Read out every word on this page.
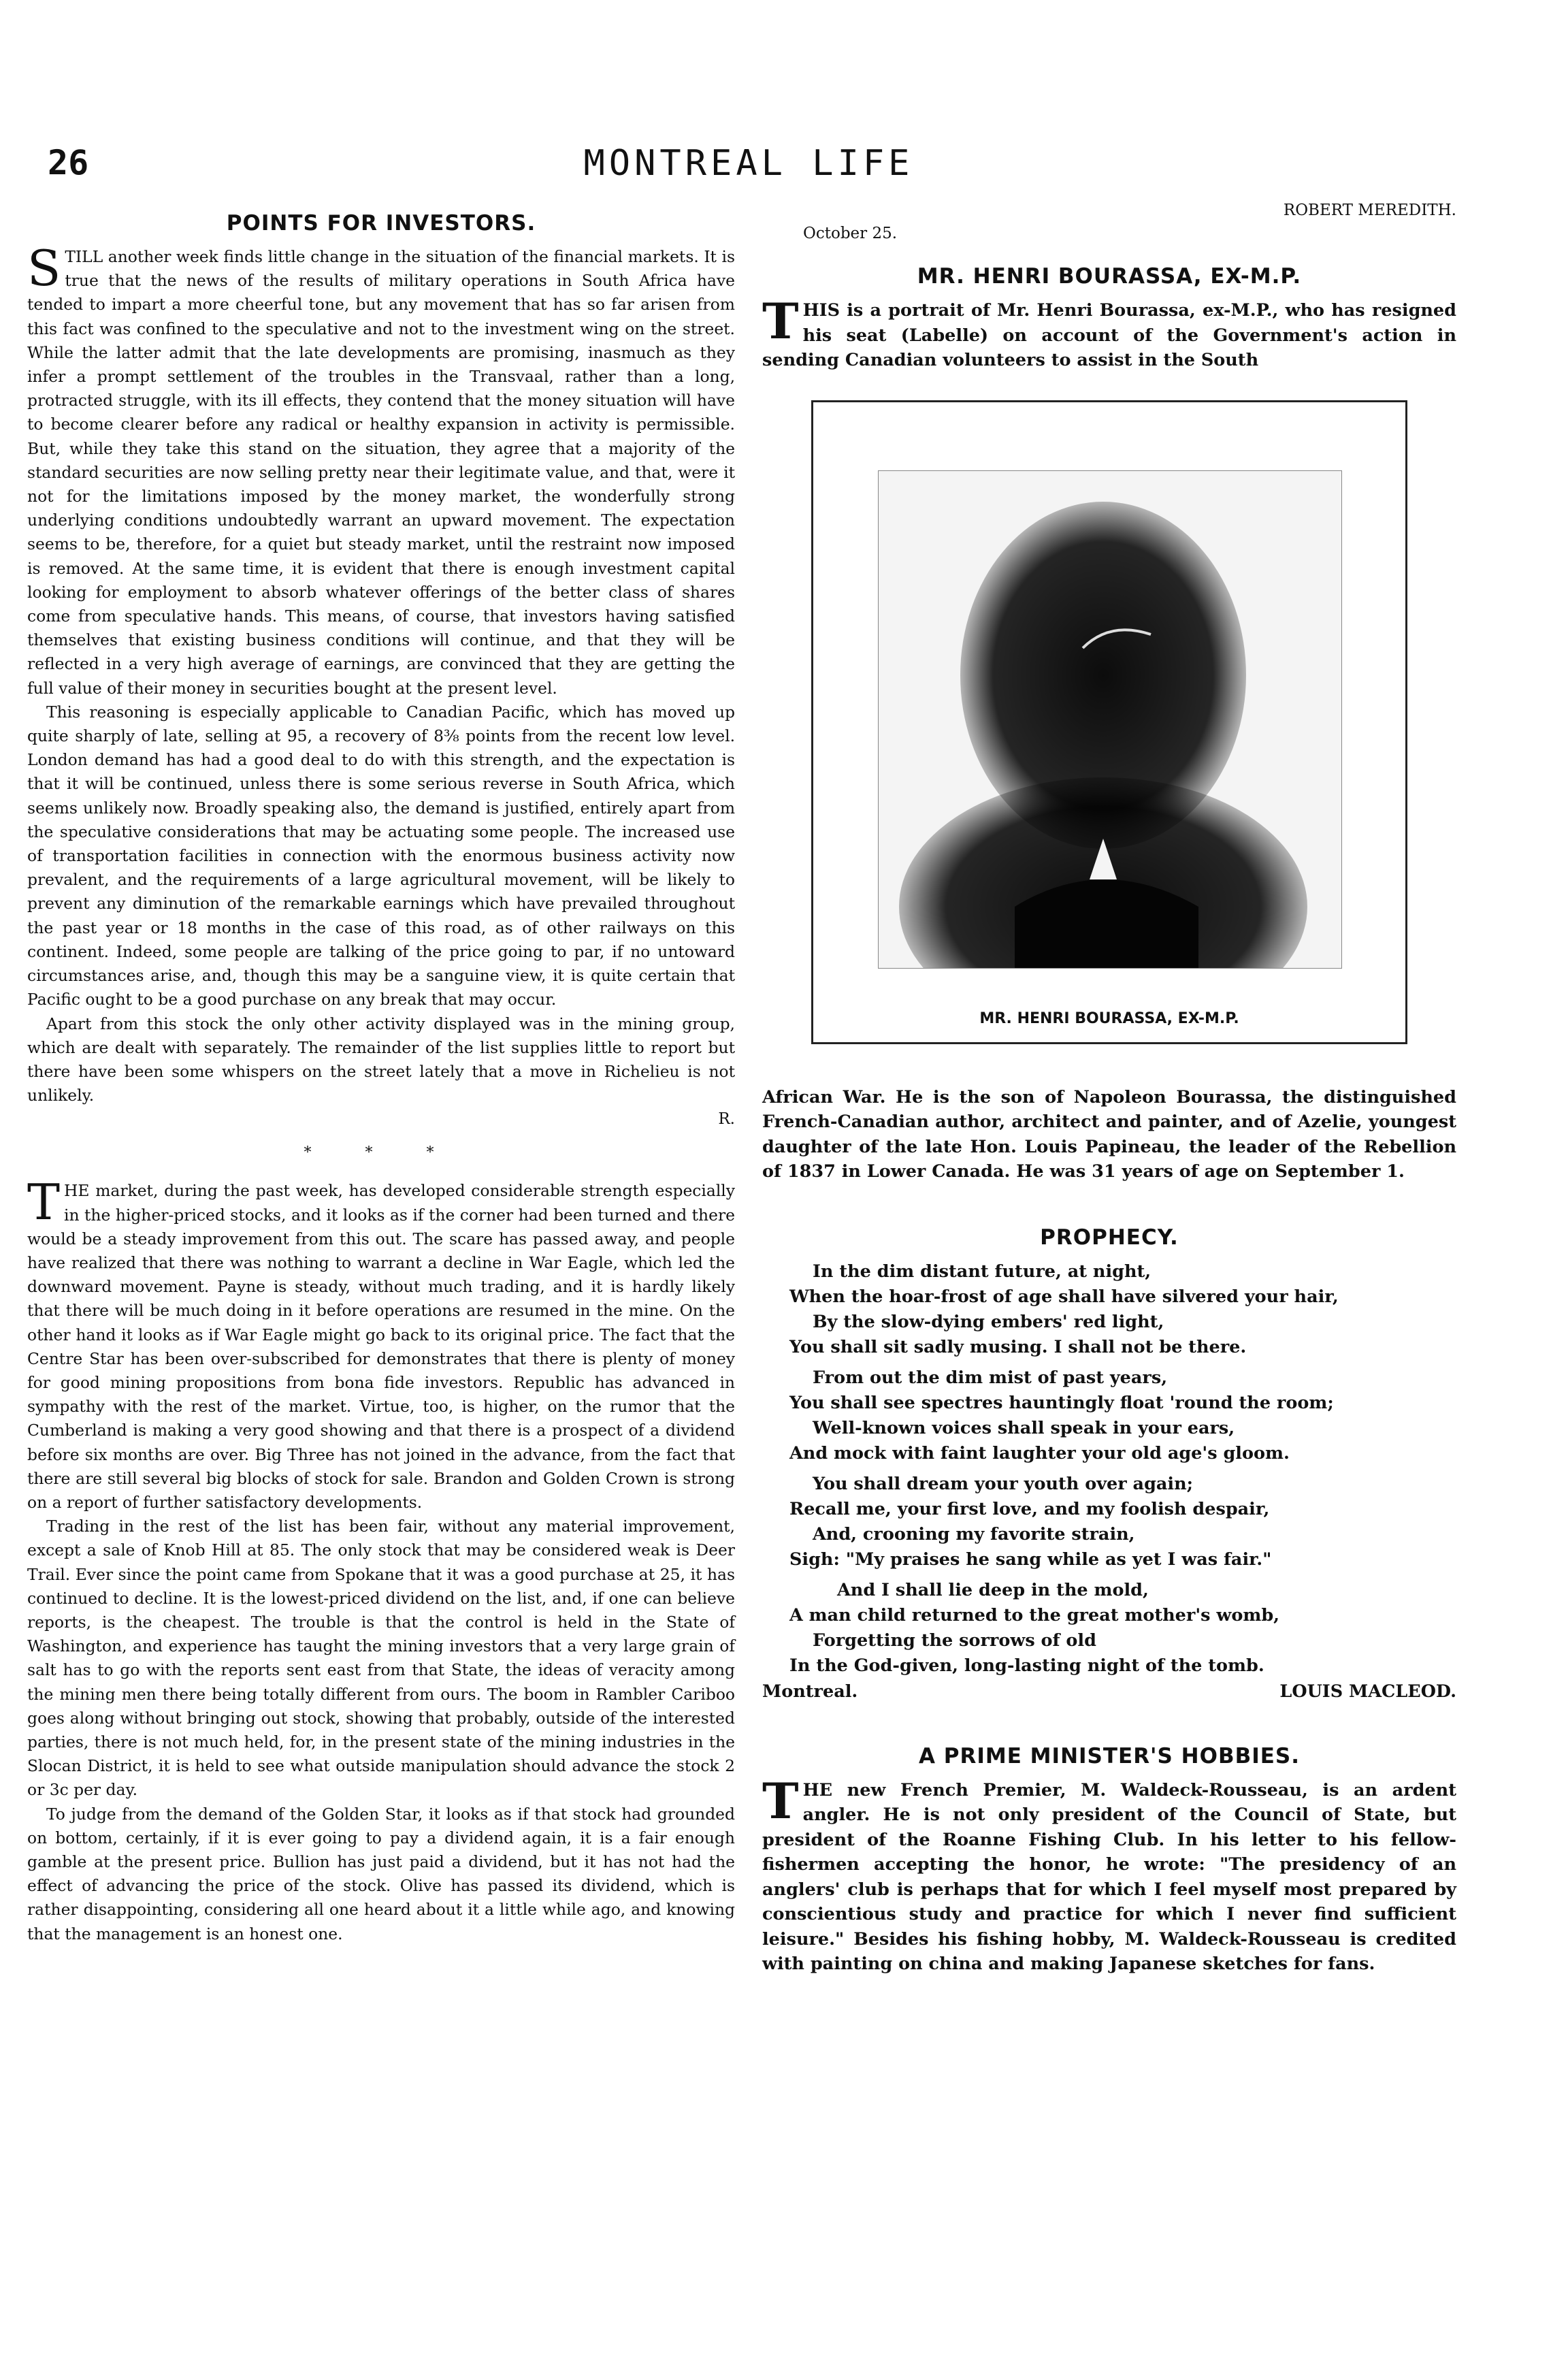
26	MONTREAL LIFE
POINTS FOR INVESTORS.

STILL another week finds little change in the situation of the financial markets. It is true that the news of the results of military operations in South Africa have tended to impart a more cheerful tone, but any movement that has so far arisen from this fact was confined to the speculative and not to the investment wing on the street. While the latter admit that the late developments are promising, inasmuch as they infer a prompt settlement of the troubles in the Transvaal, rather than a long, protracted struggle, with its ill effects, they contend that the money situation will have to become clearer before any radical or healthy expansion in activity is permissible. But, while they take this stand on the situation, they agree that a majority of the standard securities are now selling pretty near their legitimate value, and that, were it not for the limitations imposed by the money market, the wonderfully strong underlying conditions undoubtedly warrant an upward movement. The expectation seems to be, therefore, for a quiet but steady market, until the restraint now imposed is removed. At the same time, it is evident that there is enough investment capital looking for employment to absorb whatever offerings of the better class of shares come from speculative hands. This means, of course, that investors having satisfied themselves that existing business conditions will continue, and that they will be reflected in a very high average of earnings, are convinced that they are getting the full value of their money in securities bought at the present level.

This reasoning is especially applicable to Canadian Pacific, which has moved up quite sharply of late, selling at 95, a recovery of 8⅜ points from the recent low level. London demand has had a good deal to do with this strength, and the expectation is that it will be continued, unless there is some serious reverse in South Africa, which seems unlikely now. Broadly speaking also, the demand is justified, entirely apart from the speculative considerations that may be actuating some people. The increased use of transportation facilities in connection with the enormous business activity now prevalent, and the requirements of a large agricultural movement, will be likely to prevent any diminution of the remarkable earnings which have prevailed throughout the past year or 18 months in the case of this road, as of other railways on this continent. Indeed, some people are talking of the price going to par, if no untoward circumstances arise, and, though this may be a sanguine view, it is quite certain that Pacific ought to be a good purchase on any break that may occur.

Apart from this stock the only other activity displayed was in the mining group, which are dealt with separately. The remainder of the list supplies little to report but there have been some whispers on the street lately that a move in Richelieu is not unlikely.

R.
* * *

THE market, during the past week, has developed considerable strength especially in the higher-priced stocks, and it looks as if the corner had been turned and there would be a steady improvement from this out. The scare has passed away, and people have realized that there was nothing to warrant a decline in War Eagle, which led the downward movement. Payne is steady, without much trading, and it is hardly likely that there will be much doing in it before operations are resumed in the mine. On the other hand it looks as if War Eagle might go back to its original price. The fact that the Centre Star has been over-subscribed for demonstrates that there is plenty of money for good mining propositions from bona fide investors. Republic has advanced in sympathy with the rest of the market. Virtue, too, is higher, on the rumor that the Cumberland is making a very good showing and that there is a prospect of a dividend before six months are over. Big Three has not joined in the advance, from the fact that there are still several big blocks of stock for sale. Brandon and Golden Crown is strong on a report of further satisfactory developments.

Trading in the rest of the list has been fair, without any material improvement, except a sale of Knob Hill at 85. The only stock that may be considered weak is Deer Trail. Ever since the point came from Spokane that it was a good purchase at 25, it has continued to decline. It is the lowest-priced dividend on the list, and, if one can believe reports, is the cheapest. The trouble is that the control is held in the State of Washington, and experience has taught the mining investors that a very large grain of salt has to go with the reports sent east from that State, the ideas of veracity among the mining men there being totally different from ours. The boom in Rambler Cariboo goes along without bringing out stock, showing that probably, outside of the interested parties, there is not much held, for, in the present state of the mining industries in the Slocan District, it is held to see what outside manipulation should advance the stock 2 or 3c per day.

To judge from the demand of the Golden Star, it looks as if that stock had grounded on bottom, certainly, if it is ever going to pay a dividend again, it is a fair enough gamble at the present price. Bullion has just paid a dividend, but it has not had the effect of advancing the price of the stock. Olive has passed its dividend, which is rather disappointing, considering all one heard about it a little while ago, and knowing that the management is an honest one.

ROBERT MEREDITH.
October 25.
MR. HENRI BOURASSA, EX-M.P.

THIS is a portrait of Mr. Henri Bourassa, ex-M.P., who has resigned his seat (Labelle) on account of the Government's action in sending Canadian volunteers to assist in the South

MR. HENRI BOURASSA, EX-M.P.

African War. He is the son of Napoleon Bourassa, the distinguished French-Canadian author, architect and painter, and of Azelie, youngest daughter of the late Hon. Louis Papineau, the leader of the Rebellion of 1837 in Lower Canada. He was 31 years of age on September 1.

PROPHECY.
In the dim distant future, at night,
When the hoar-frost of age shall have silvered your hair,
By the slow-dying embers' red light,
You shall sit sadly musing. I shall not be there.
From out the dim mist of past years,
You shall see spectres hauntingly float 'round the room;
Well-known voices shall speak in your ears,
And mock with faint laughter your old age's gloom.
You shall dream your youth over again;
Recall me, your first love, and my foolish despair,
And, crooning my favorite strain,
Sigh: "My praises he sang while as yet I was fair."
And I shall lie deep in the mold,
A man child returned to the great mother's womb,
Forgetting the sorrows of old
In the God-given, long-lasting night of the tomb.
Montreal.	LOUIS MACLEOD.
A PRIME MINISTER'S HOBBIES.

THE new French Premier, M. Waldeck-Rousseau, is an ardent angler. He is not only president of the Council of State, but president of the Roanne Fishing Club. In his letter to his fellow-fishermen accepting the honor, he wrote: "The presidency of an anglers' club is perhaps that for which I feel myself most prepared by conscientious study and practice for which I never find sufficient leisure." Besides his fishing hobby, M. Waldeck-Rousseau is credited with painting on china and making Japanese sketches for fans.
